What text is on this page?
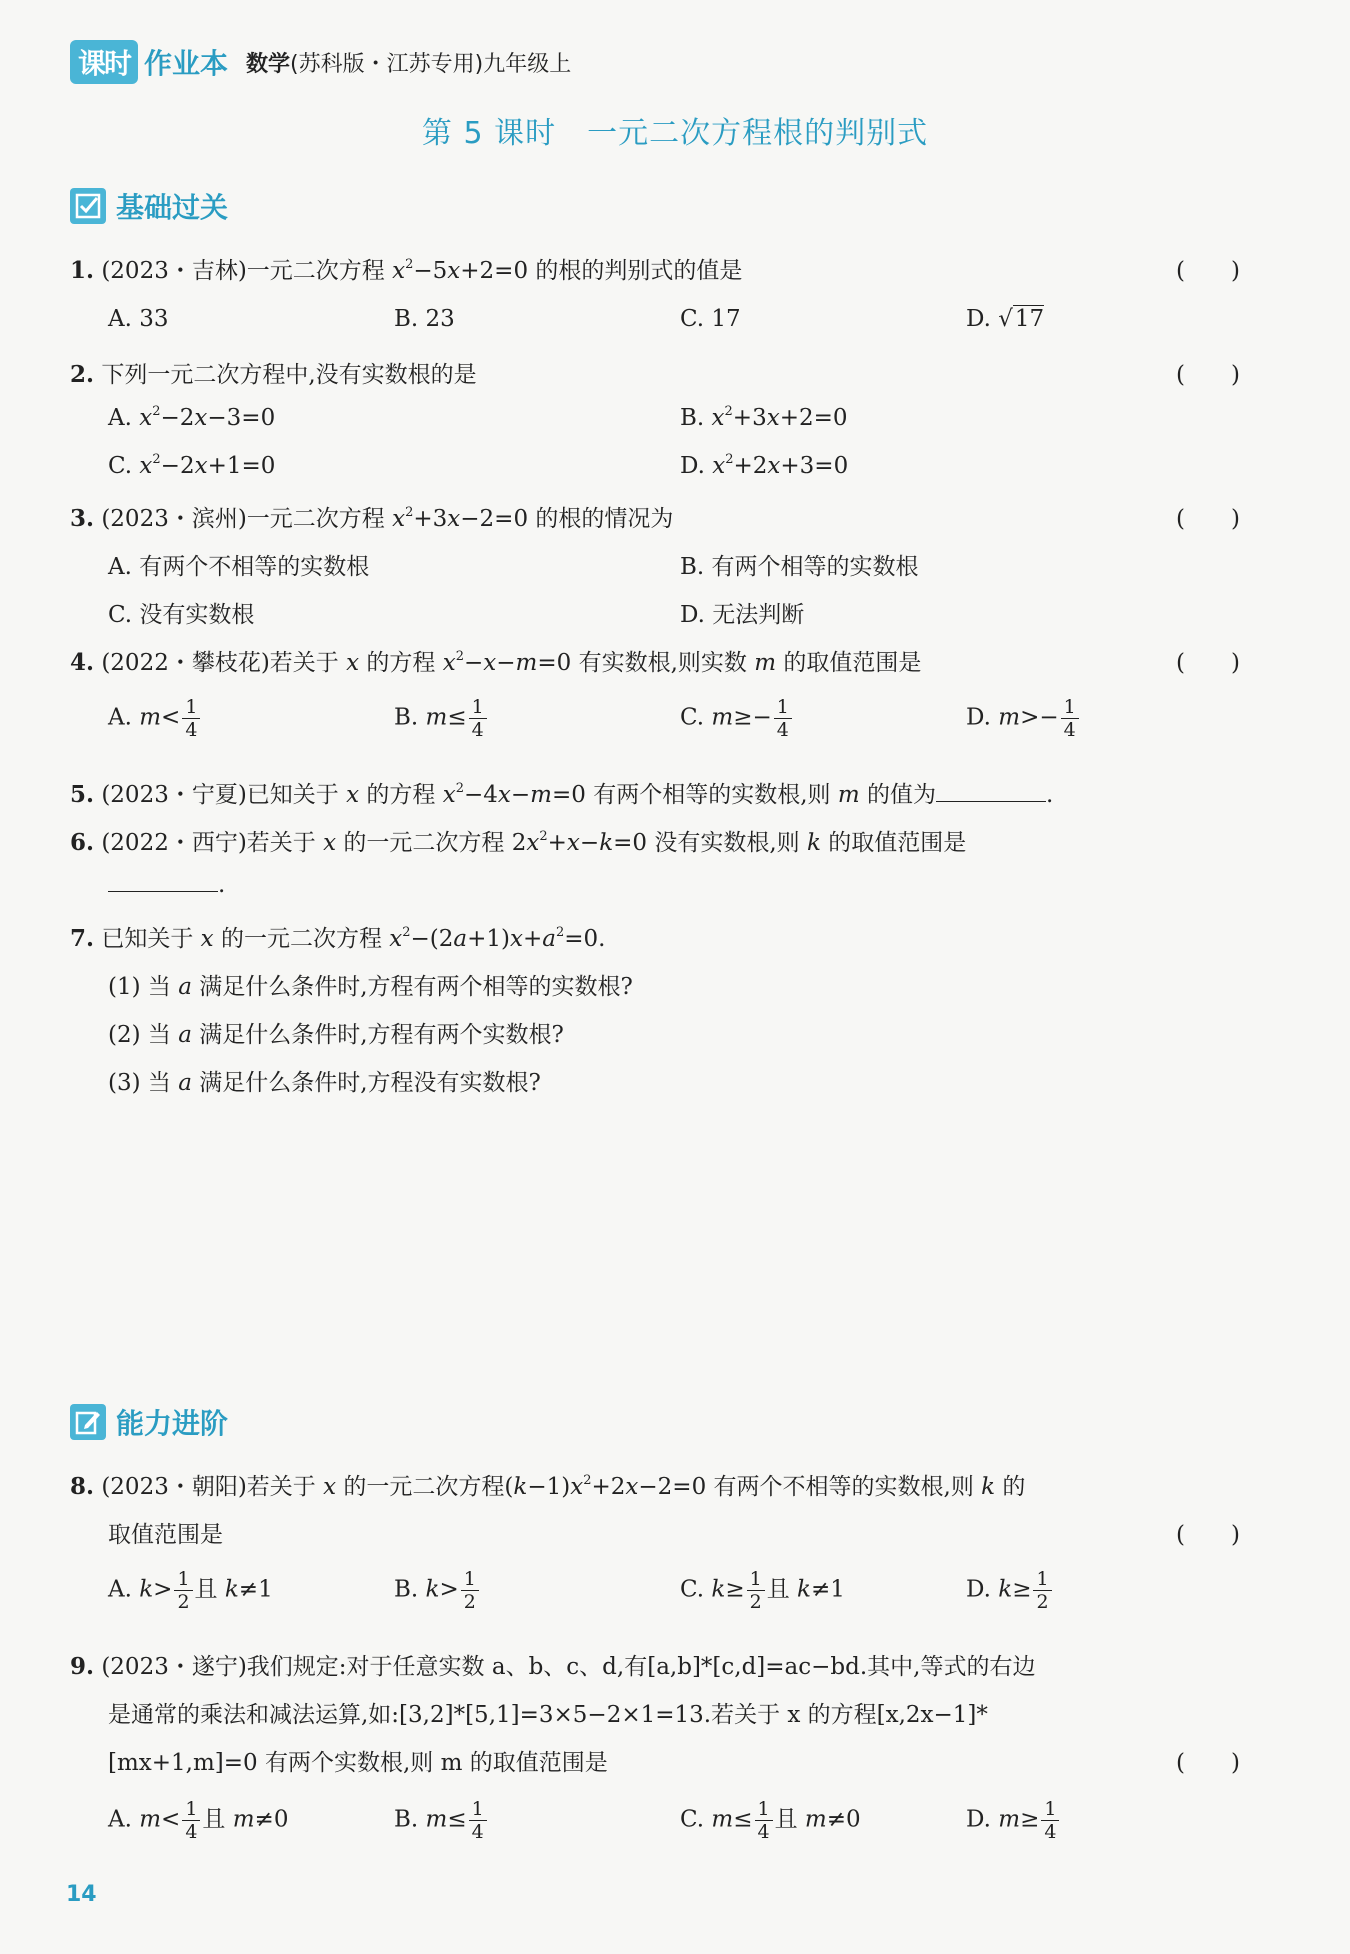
课时 作业本 数学(苏科版・江苏专用)九年级上
第 5 课时　一元二次方程根的判别式
基础过关
1. (2023・吉林)一元二次方程 $x^2-5x+2=0$ 的根的判别式的值是	(　　)
A. 33	B. 23	C. 17	D. √17
2. 下列一元二次方程中,没有实数根的是	(　　)
A. $x^2-2x-3=0$	B. $x^2+3x+2=0$
C. $x^2-2x+1=0$	D. $x^2+2x+3=0$
3. (2023・滨州)一元二次方程 $x^2+3x-2=0$ 的根的情况为	(　　)
A. 有两个不相等的实数根	B. 有两个相等的实数根
C. 没有实数根	D. 无法判断
4. (2022・攀枝花)若关于 x 的方程 $x^2-x-m=0$ 有实数根,则实数 m 的取值范围是	(　　)
A. $m< \frac{1}{4}$	B. $m\le \frac{1}{4}$	C. $m\ge- \frac{1}{4}$	D. $m>- \frac{1}{4}$
5. (2023・宁夏)已知关于 x 的方程 $x^2-4x-m=0$ 有两个相等的实数根,则 m 的值为	.
6. (2022・西宁)若关于 x 的一元二次方程 $2x^2+x-k=0$ 没有实数根,则 k 的取值范围是
.
7. 已知关于 x 的一元二次方程 $x^2-(2a+1)x+a^2=0$.
(1) 当 a 满足什么条件时,方程有两个相等的实数根?
(2) 当 a 满足什么条件时,方程有两个实数根?
(3) 当 a 满足什么条件时,方程没有实数根?
能力进阶
8. (2023・朝阳)若关于 x 的一元二次方程$(k-1)x^2+2x-2=0$ 有两个不相等的实数根,则 k 的
取值范围是	(　　)
A. $k> \frac{1}{2}$ 且 k≠1	B. $k> \frac{1}{2}$	C. $k\ge \frac{1}{2}$ 且 k≠1	D. $k\ge \frac{1}{2}$
9. (2023・遂宁)我们规定:对于任意实数 a、b、c、d,有[a,b]*[c,d]=ac−bd.其中,等式的右边
是通常的乘法和减法运算,如:[3,2]*[5,1]=3×5−2×1=13.若关于 x 的方程[x,2x−1]*
[mx+1,m]=0 有两个实数根,则 m 的取值范围是	(　　)
A. $m< \frac{1}{4}$ 且 m≠0	B. $m\le \frac{1}{4}$	C. $m\le \frac{1}{4}$ 且 m≠0	D. $m\ge \frac{1}{4}$
14
